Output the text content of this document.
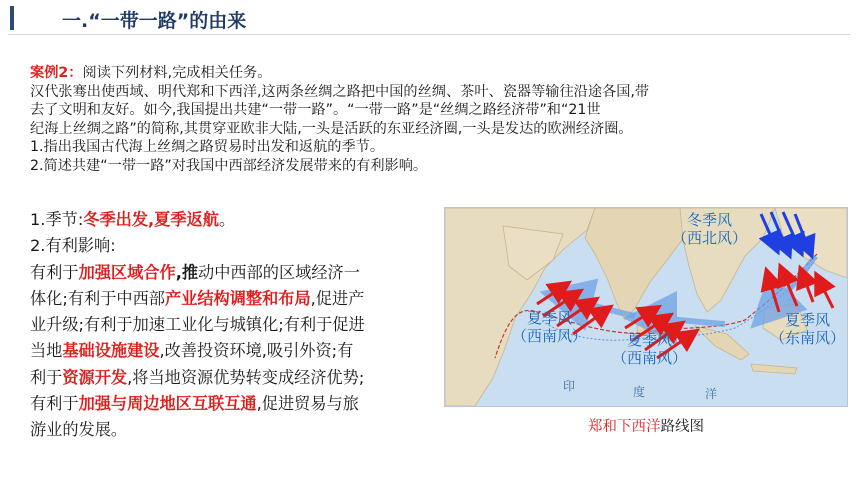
一.“一带一路”的由来

案例2：阅读下列材料,完成相关任务。

汉代张骞出使西域、明代郑和下西洋,这两条丝绸之路把中国的丝绸、茶叶、瓷器等输往沿途各国,带

去了文明和友好。如今,我国提出共建“一带一路”。“一带一路”是“丝绸之路经济带”和“21世

纪海上丝绸之路”的简称,其贯穿亚欧非大陆,一头是活跃的东亚经济圈,一头是发达的欧洲经济圈。

1.指出我国古代海上丝绸之路贸易时出发和返航的季节。

2.简述共建“一带一路”对我国中西部经济发展带来的有利影响。

1.季节:冬季出发,夏季返航。

2.有利影响:

有利于加强区域合作,推动中西部的区域经济一

体化;有利于中西部产业结构调整和布局,促进产

业升级;有利于加速工业化与城镇化;有利于促进

当地基础设施建设,改善投资环境,吸引外资;有

利于资源开发,将当地资源优势转变成经济优势;

有利于加强与周边地区互联互通,促进贸易与旅

游业的发展。

印	度	洋
冬季风
（西北风）
夏季风
（西南风）	夏季风
（西南风）
夏季风
（东南风）
郑和下西洋路线图
